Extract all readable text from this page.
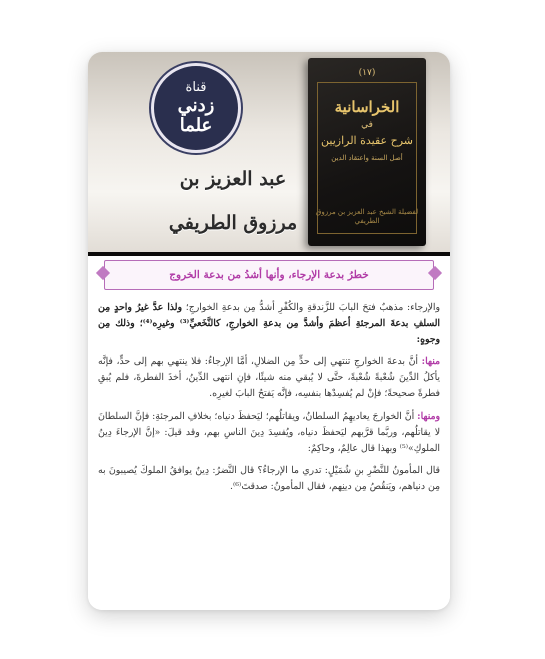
قناة
زدني
علما
عبد العزيز بن مرزوق الطريفي
(١٧)
الخراسانية
في
شرح عقيدة الرازيين
أصل السنة واعتقاد الدين
لفضيلة الشيخ عبد العزيز بن مرزوق الطريفي
خطرُ بدعة الإرجاء، وأنها أشدُ من بدعة الخروج

والإرجاء: مذهبٌ فتحَ البابَ للزَّندقةِ والكُفْرِ أشدُّ مِن بدعةِ الخوارجِ؛ ولذا عدَّ غيرُ واحدٍ مِن السلفِ بدعةَ المرجئةِ أعظمَ وأشدَّ مِن بدعةِ الخوارجِ، كالنَّخَعيِّ⁽³⁾ وغيرِه⁽⁴⁾؛ وذلك مِن وجوهٍ:

منها: أنَّ بدعةَ الخوارجِ تنتهي إلى حدٍّ مِن الضلالِ، أمَّا الإرجاءُ: فلا ينتهي بهم إلى حدٍّ، فإنَّه يأكلُ الدِّينَ شُعْبةً شُعْبةً، حتَّى لا يُبقي منه شيئًا، فإنِ انتهى الدِّينُ، أخذَ الفطرةَ، فلم يُبقِ فطرةً صحيحةً؛ فإنْ لم يُفسِدْها بنفسِه، فإنَّه يَفتحُ البابَ لغيرِه.

ومنها: أنَّ الخوارجَ يعاديهِمُ السلطانُ، ويقاتلُهم؛ ليَحفظَ دنياه؛ بخلافِ المرجئةِ: فإنَّ السلطانَ لا يقاتلُهم، وربَّما قرَّبهم ليَحفظَ دنياه، ويُفسِدَ دِينَ الناسِ بهم، وقد قيلَ: «إنَّ الإرجاءَ دِينُ الملوكِ»⁽⁵⁾ وبهذا قال عالِمٌ، وحاكِمٌ:

قال المأمونُ للنَّضْرِ بنِ شُمَيْلٍ: تدري ما الإرجاءُ؟ قال النَّضرُ: دِينٌ يوافقُ الملوكَ يُصيبونَ به مِن دنياهم، ويَنقُصُ مِن دينِهم، فقال المأمونُ: صدقتَ⁽⁶⁾.
